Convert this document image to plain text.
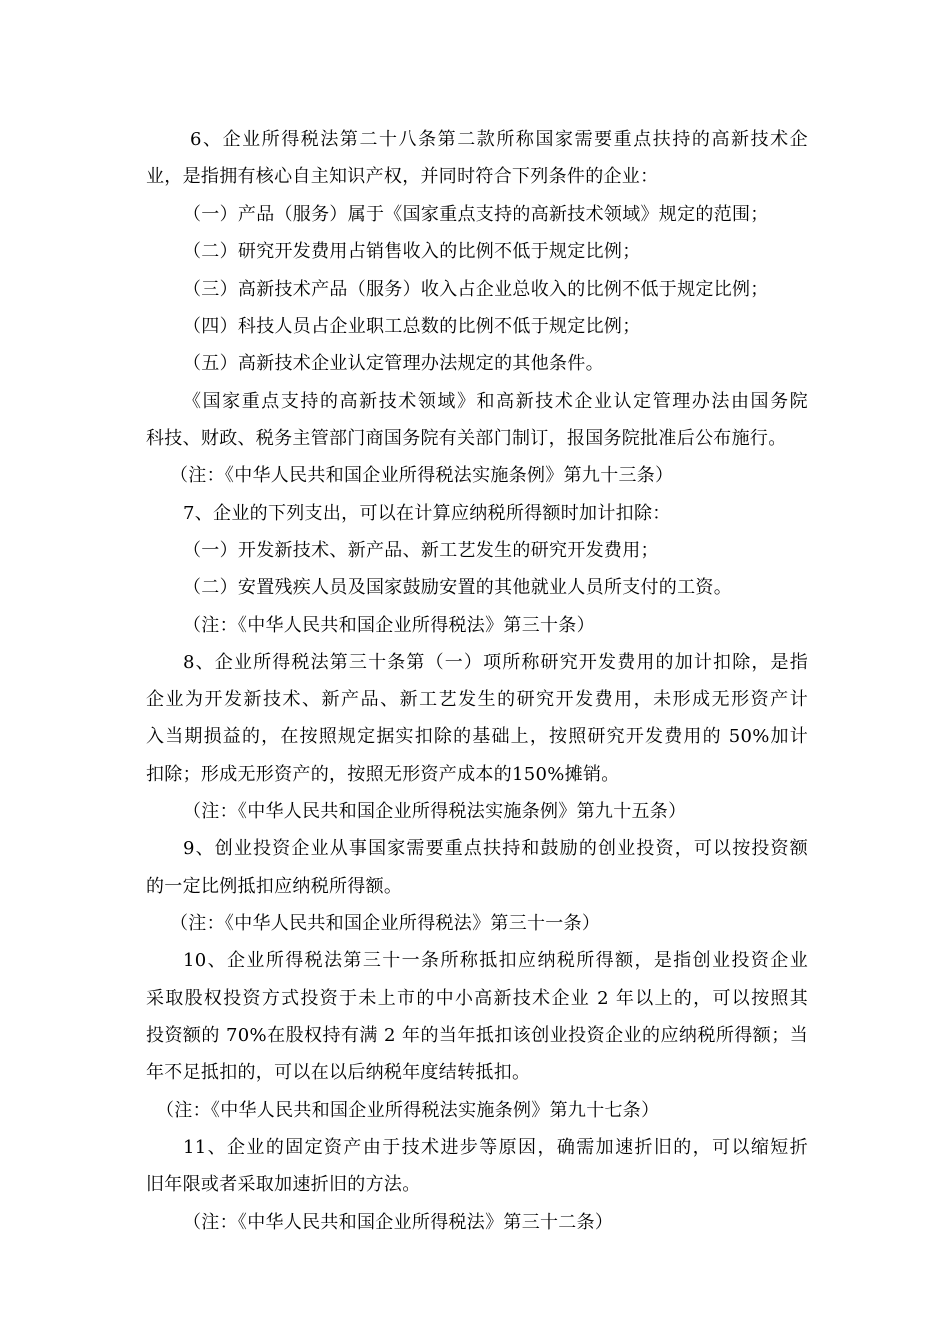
6、企业所得税法第二十八条第二款所称国家需要重点扶持的高新技术企
业，是指拥有核心自主知识产权，并同时符合下列条件的企业：
（一）产品（服务）属于《国家重点支持的高新技术领域》规定的范围；
（二）研究开发费用占销售收入的比例不低于规定比例；
（三）高新技术产品（服务）收入占企业总收入的比例不低于规定比例；
（四）科技人员占企业职工总数的比例不低于规定比例；
（五）高新技术企业认定管理办法规定的其他条件。
《国家重点支持的高新技术领域》和高新技术企业认定管理办法由国务院
科技、财政、税务主管部门商国务院有关部门制订，报国务院批准后公布施行。
（注：《中华人民共和国企业所得税法实施条例》第九十三条）
7、企业的下列支出，可以在计算应纳税所得额时加计扣除：
（一）开发新技术、新产品、新工艺发生的研究开发费用；
（二）安置残疾人员及国家鼓励安置的其他就业人员所支付的工资。
（注：《中华人民共和国企业所得税法》第三十条）
8、企业所得税法第三十条第（一）项所称研究开发费用的加计扣除，是指
企业为开发新技术、新产品、新工艺发生的研究开发费用，未形成无形资产计
入当期损益的，在按照规定据实扣除的基础上，按照研究开发费用的 50%加计
扣除；形成无形资产的，按照无形资产成本的150%摊销。
（注：《中华人民共和国企业所得税法实施条例》第九十五条）
9、创业投资企业从事国家需要重点扶持和鼓励的创业投资，可以按投资额
的一定比例抵扣应纳税所得额。
（注：《中华人民共和国企业所得税法》第三十一条）
10、企业所得税法第三十一条所称抵扣应纳税所得额，是指创业投资企业
采取股权投资方式投资于未上市的中小高新技术企业 2 年以上的，可以按照其
投资额的 70%在股权持有满 2 年的当年抵扣该创业投资企业的应纳税所得额；当
年不足抵扣的，可以在以后纳税年度结转抵扣。
（注：《中华人民共和国企业所得税法实施条例》第九十七条）
11、企业的固定资产由于技术进步等原因，确需加速折旧的，可以缩短折
旧年限或者采取加速折旧的方法。
（注：《中华人民共和国企业所得税法》第三十二条）
